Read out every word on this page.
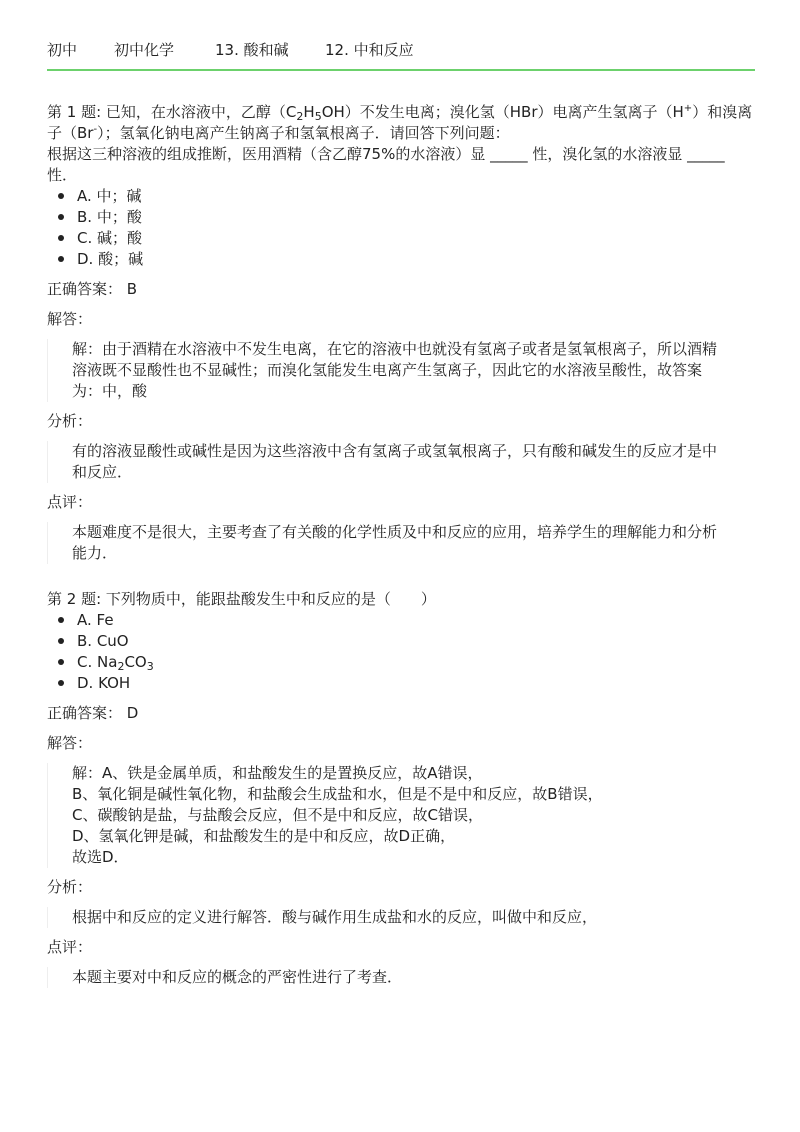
初中 初中化学	13. 酸和碱 12. 中和反应

第 1 题: 已知，在水溶液中，乙醇$(C_2H_5OH)$不发生电离；溴化氢（HBr）电离产生氢离子（H+）和溴离子（Br-）；氢氧化钠电离产生钠离子和氢氧根离子．请回答下列问题：

根据这三种溶液的组成推断，医用酒精（含乙醇75%的水溶液）显 _____ 性，溴化氢的水溶液显 _____ 性．

A. 中；碱
B. 中；酸
C. 碱；酸
D. 酸；碱
正确答案： B
解答：
解：由于酒精在水溶液中不发生电离，在它的溶液中也就没有氢离子或者是氢氧根离子，所以酒精溶液既不显酸性也不显碱性；而溴化氢能发生电离产生氢离子，因此它的水溶液呈酸性，故答案为：中，酸
分析：
有的溶液显酸性或碱性是因为这些溶液中含有氢离子或氢氧根离子，只有酸和碱发生的反应才是中和反应．
点评：
本题难度不是很大，主要考查了有关酸的化学性质及中和反应的应用，培养学生的理解能力和分析能力．

第 2 题: 下列物质中，能跟盐酸发生中和反应的是（　　）

A. Fe
B. CuO
C. $Na_2CO_3$
D. KOH
正确答案： D
解答：
解：A、铁是金属单质，和盐酸发生的是置换反应，故A错误，
B、氧化铜是碱性氧化物，和盐酸会生成盐和水，但是不是中和反应，故B错误，
C、碳酸钠是盐，与盐酸会反应，但不是中和反应，故C错误，
D、氢氧化钾是碱，和盐酸发生的是中和反应，故D正确，
故选D．
分析：
根据中和反应的定义进行解答．酸与碱作用生成盐和水的反应，叫做中和反应，
点评：
本题主要对中和反应的概念的严密性进行了考查．
